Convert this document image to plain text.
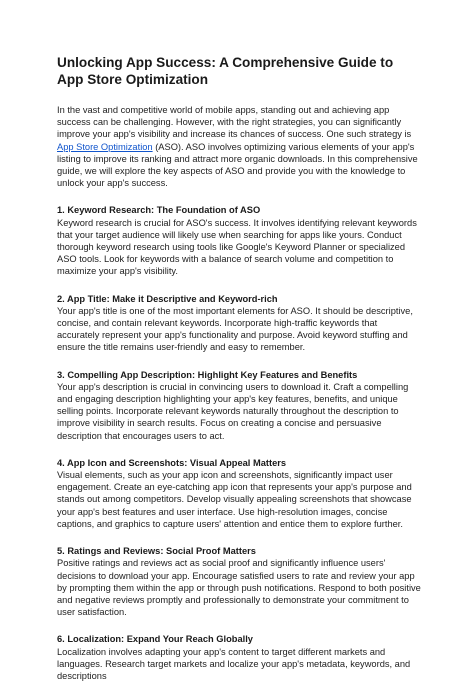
Unlocking App Success: A Comprehensive Guide to App Store Optimization

In the vast and competitive world of mobile apps, standing out and achieving app success can be challenging. However, with the right strategies, you can significantly improve your app's visibility and increase its chances of success. One such strategy is App Store Optimization (ASO). ASO involves optimizing various elements of your app's listing to improve its ranking and attract more organic downloads. In this comprehensive guide, we will explore the key aspects of ASO and provide you with the knowledge to unlock your app's success.

1. Keyword Research: The Foundation of ASO

Keyword research is crucial for ASO's success. It involves identifying relevant keywords that your target audience will likely use when searching for apps like yours. Conduct thorough keyword research using tools like Google's Keyword Planner or specialized ASO tools. Look for keywords with a balance of search volume and competition to maximize your app's visibility.

2. App Title: Make it Descriptive and Keyword-rich

Your app's title is one of the most important elements for ASO. It should be descriptive, concise, and contain relevant keywords. Incorporate high-traffic keywords that accurately represent your app's functionality and purpose. Avoid keyword stuffing and ensure the title remains user-friendly and easy to remember.

3. Compelling App Description: Highlight Key Features and Benefits

Your app's description is crucial in convincing users to download it. Craft a compelling and engaging description highlighting your app's key features, benefits, and unique selling points. Incorporate relevant keywords naturally throughout the description to improve visibility in search results. Focus on creating a concise and persuasive description that encourages users to act.

4. App Icon and Screenshots: Visual Appeal Matters

Visual elements, such as your app icon and screenshots, significantly impact user engagement. Create an eye-catching app icon that represents your app's purpose and stands out among competitors. Develop visually appealing screenshots that showcase your app's best features and user interface. Use high-resolution images, concise captions, and graphics to capture users' attention and entice them to explore further.

5. Ratings and Reviews: Social Proof Matters

Positive ratings and reviews act as social proof and significantly influence users' decisions to download your app. Encourage satisfied users to rate and review your app by prompting them within the app or through push notifications. Respond to both positive and negative reviews promptly and professionally to demonstrate your commitment to user satisfaction.

6. Localization: Expand Your Reach Globally

Localization involves adapting your app's content to target different markets and languages. Research target markets and localize your app's metadata, keywords, and descriptions
